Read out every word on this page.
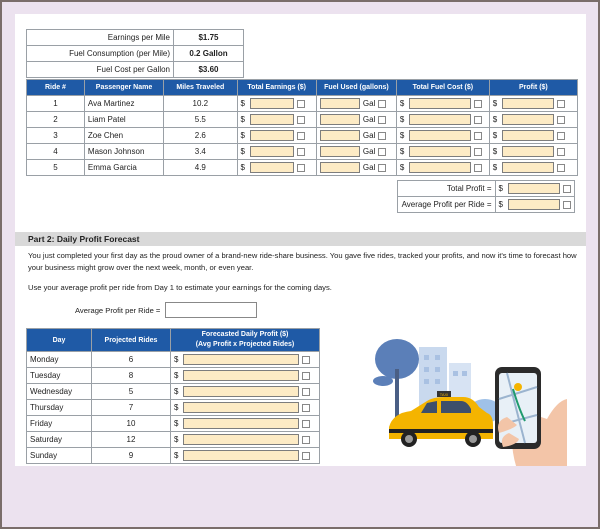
Earnings per Mile	$1.75
Fuel Consumption (per Mile)	0.2 Gallon
Fuel Cost per Gallon	$3.60
Ride #	Passenger Name	Miles Traveled	Total Earnings ($)	Fuel Used (gallons)	Total Fuel Cost ($)	Profit ($)
1	Ava Martinez	10.2	$	Gal	$	$

2	Liam Patel	5.5	$	Gal	$	$

3	Zoe Chen	2.6	$	Gal	$	$

4	Mason Johnson	3.4	$	Gal	$	$

5	Emma Garcia	4.9	$	Gal	$	$
Total Profit =	$

Average Profit per Ride =	$
Part 2: Daily Profit Forecast
You just completed your first day as the proud owner of a brand-new ride-share business. You gave five rides, tracked your profits, and now it's time to forecast how
your business might grow over the next week, month, or even year.
Use your average profit per ride from Day 1 to estimate your earnings for the coming days.
Average Profit per Ride =
Day	Projected Rides	Forecasted Daily Profit ($)
(Avg Profit x Projected Rides)

Monday	6	$

Tuesday	8	$

Wednesday	5	$

Thursday	7	$

Friday	10	$

Saturday	12	$

Sunday	9	$
TAXI
